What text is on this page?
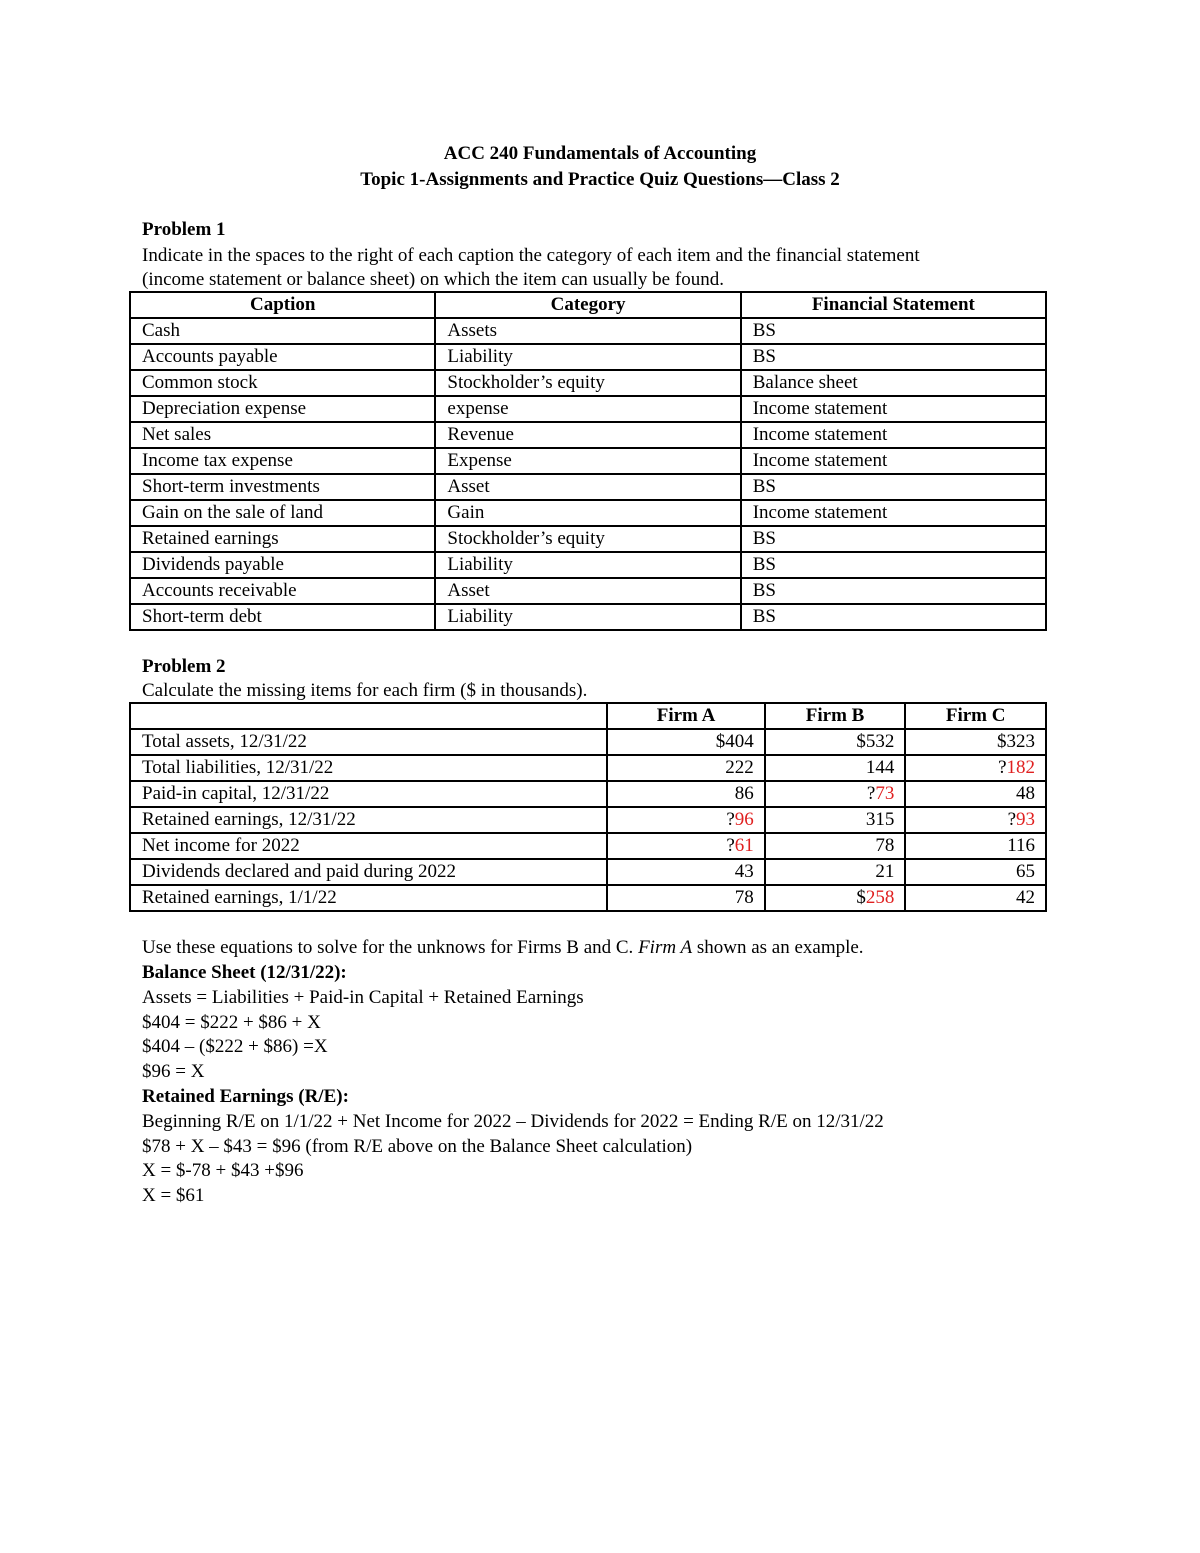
ACC 240 Fundamentals of Accounting
Topic 1-Assignments and Practice Quiz Questions—Class 2
Problem 1
Indicate in the spaces to the right of each caption the category of each item and the financial statement
(income statement or balance sheet) on which the item can usually be found.
Caption	Category	Financial Statement
Cash	Assets	BS
Accounts payable	Liability	BS
Common stock	Stockholder’s equity	Balance sheet
Depreciation expense	expense	Income statement
Net sales	Revenue	Income statement
Income tax expense	Expense	Income statement
Short-term investments	Asset	BS
Gain on the sale of land	Gain	Income statement
Retained earnings	Stockholder’s equity	BS
Dividends payable	Liability	BS
Accounts receivable	Asset	BS
Short-term debt	Liability	BS
Problem 2
Calculate the missing items for each firm ($ in thousands).
	Firm A	Firm B	Firm C
Total assets, 12/31/22	$404	$532	$323
Total liabilities, 12/31/22	222	144	?182
Paid-in capital, 12/31/22	86	?73	48
Retained earnings, 12/31/22	?96	315	?93
Net income for 2022	?61	78	116
Dividends declared and paid during 2022	43	21	65
Retained earnings, 1/1/22	78	$258	42
Use these equations to solve for the unknows for Firms B and C. Firm A shown as an example.
Balance Sheet (12/31/22):
Assets = Liabilities + Paid-in Capital + Retained Earnings
$404 = $222 + $86 + X
$404 – ($222 + $86) =X
$96 = X
Retained Earnings (R/E):
Beginning R/E on 1/1/22 + Net Income for 2022 – Dividends for 2022 = Ending R/E on 12/31/22
$78 + X – $43 = $96 (from R/E above on the Balance Sheet calculation)
X = $-78 + $43 +$96
X = $61
